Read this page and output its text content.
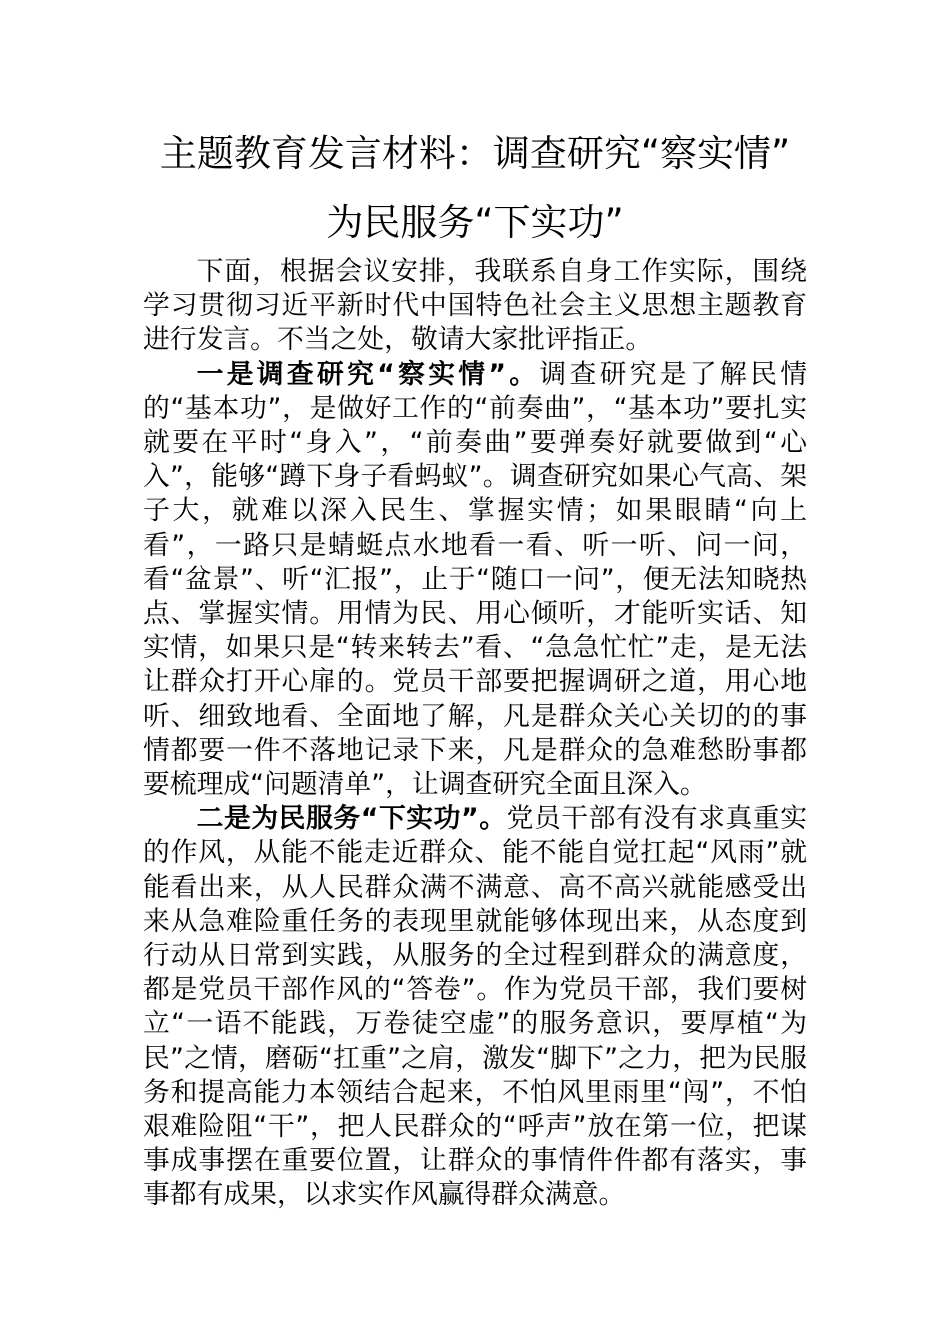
主题教育发言材料：调查研究“察实情”
为民服务“下实功”

下面，根据会议安排，我联系自身工作实际，围绕学习贯彻习近平新时代中国特色社会主义思想主题教育进行发言。不当之处，敬请大家批评指正。

一是调查研究“察实情”。调查研究是了解民情的“基本功”，是做好工作的“前奏曲”，“基本功”要扎实就要在平时“身入”，“前奏曲”要弹奏好就要做到“心入”，能够“蹲下身子看蚂蚁”。调查研究如果心气高、架子大，就难以深入民生、掌握实情；如果眼睛“向上看”，一路只是蜻蜓点水地看一看、听一听、问一问，看“盆景”、听“汇报”，止于“随口一问”，便无法知晓热点、掌握实情。用情为民、用心倾听，才能听实话、知实情，如果只是“转来转去”看、“急急忙忙”走，是无法让群众打开心扉的。党员干部要把握调研之道，用心地听、细致地看、全面地了解，凡是群众关心关切的的事情都要一件不落地记录下来，凡是群众的急难愁盼事都要梳理成“问题清单”，让调查研究全面且深入。

二是为民服务“下实功”。党员干部有没有求真重实的作风，从能不能走近群众、能不能自觉扛起“风雨”就能看出来，从人民群众满不满意、高不高兴就能感受出来从急难险重任务的表现里就能够体现出来，从态度到行动从日常到实践，从服务的全过程到群众的满意度，都是党员干部作风的“答卷”。作为党员干部，我们要树立“一语不能践，万卷徒空虚”的服务意识，要厚植“为民”之情，磨砺“扛重”之肩，激发“脚下”之力，把为民服务和提高能力本领结合起来，不怕风里雨里“闯”，不怕艰难险阻“干”，把人民群众的“呼声”放在第一位，把谋事成事摆在重要位置，让群众的事情件件都有落实，事事都有成果，以求实作风赢得群众满意。
